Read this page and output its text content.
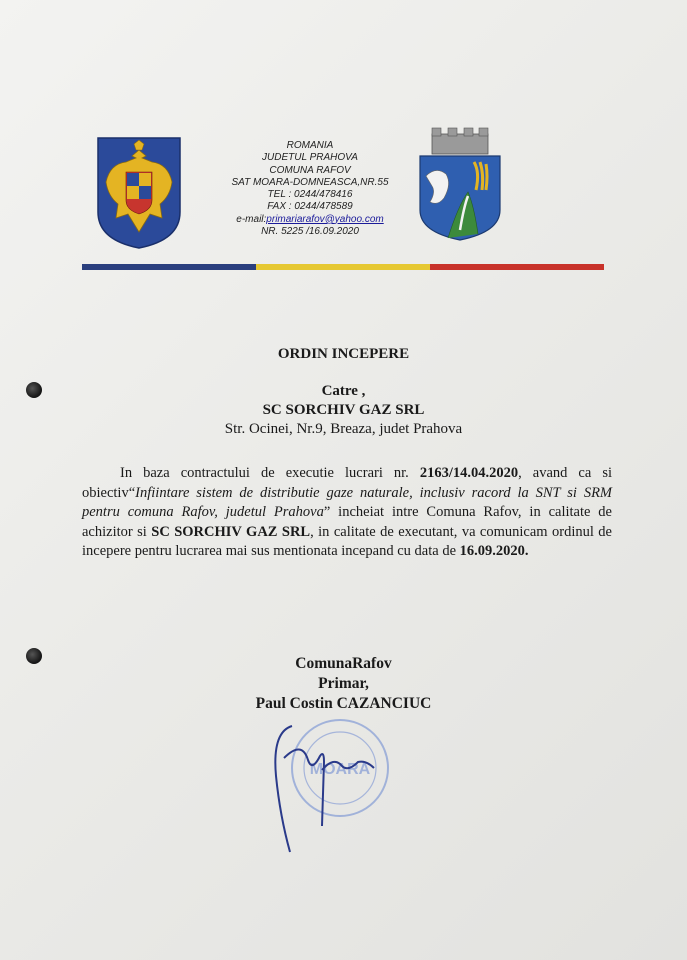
ROMANIA
JUDETUL PRAHOVA
COMUNA RAFOV
SAT MOARA-DOMNEASCA,NR.55
TEL : 0244/478416
FAX : 0244/478589
e-mail:primariarafov@yahoo.com
NR. 5225 /16.09.2020
ORDIN INCEPERE
Catre ,
SC SORCHIV GAZ SRL
Str. Ocinei, Nr.9, Breaza, judet Prahova
In baza contractului de executie lucrari nr. 2163/14.04.2020, avand ca si obiectiv“Infiintare sistem de distributie gaze naturale, inclusiv racord la SNT si SRM pentru comuna Rafov, judetul Prahova” incheiat intre Comuna Rafov, in calitate de achizitor si SC SORCHIV GAZ SRL, in calitate de executant, va comunicam ordinul de incepere pentru lucrarea mai sus mentionata incepand cu data de 16.09.2020.
ComunaRafov
Primar,
Paul Costin CAZANCIUC
MOARA
